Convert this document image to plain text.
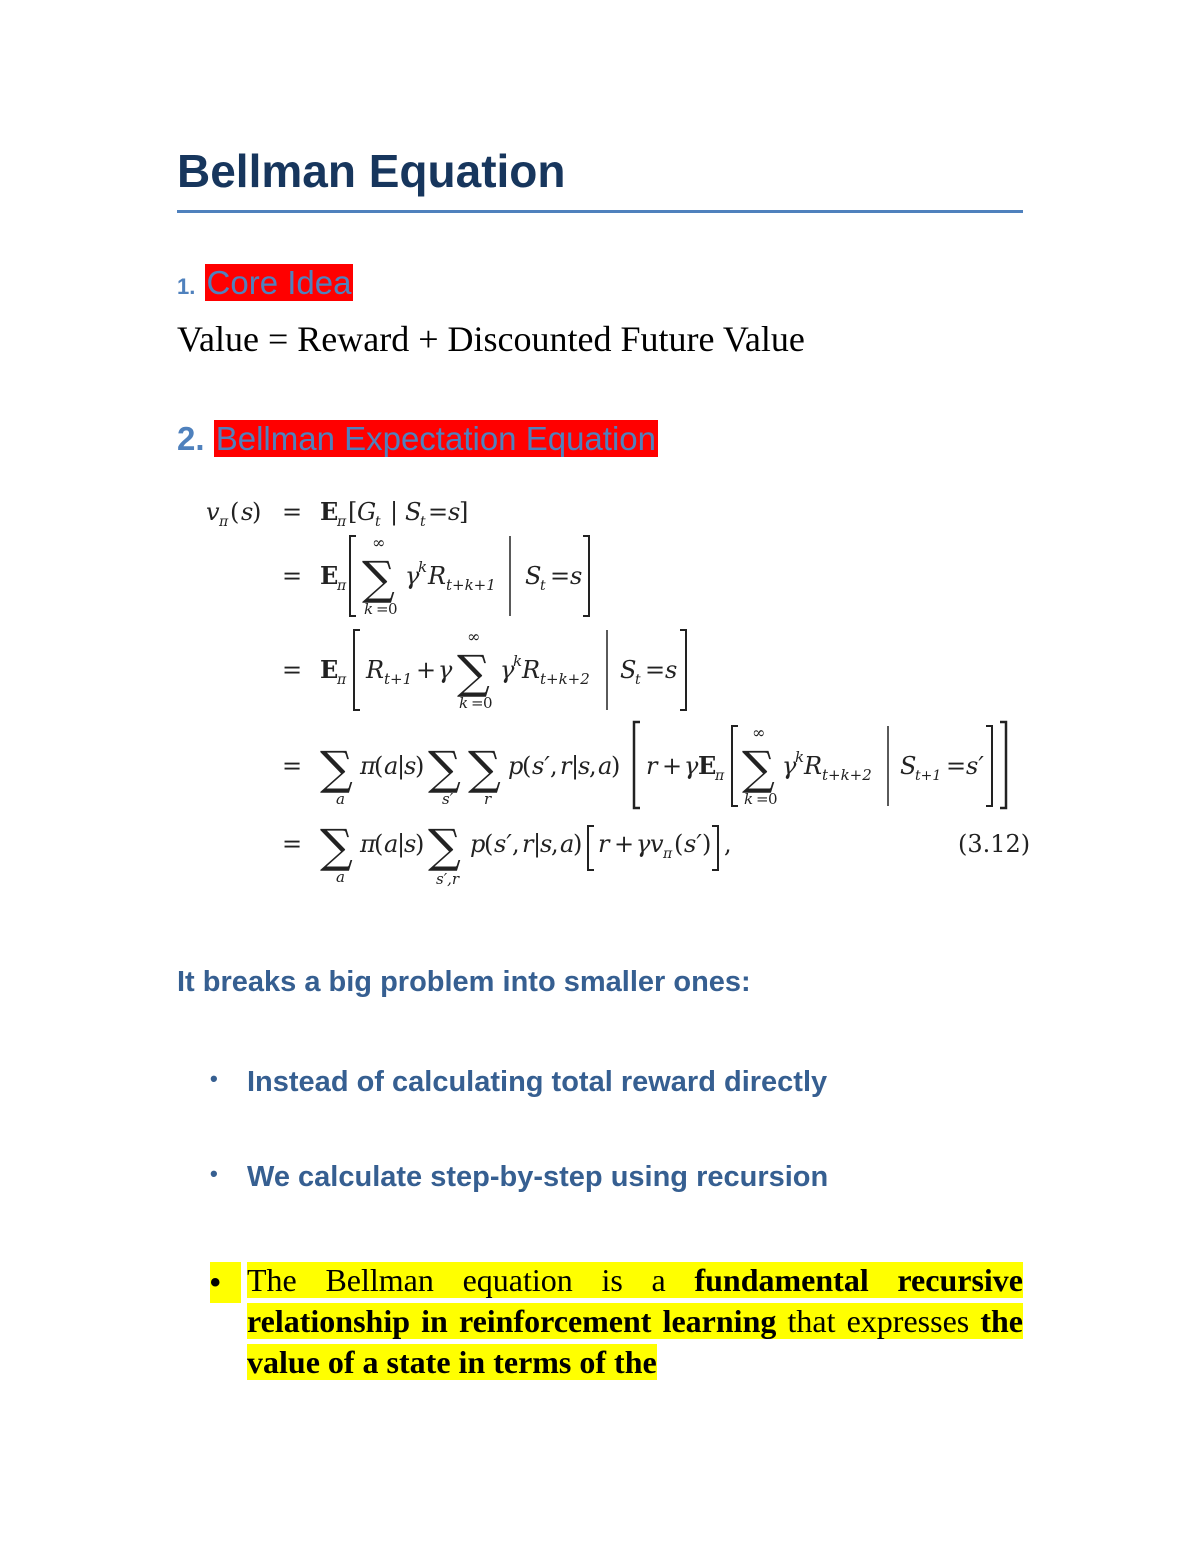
Bellman Equation
1. Core Idea
Value = Reward + Discounted Future Value
2. Bellman Expectation Equation
v π ( s
) = E
π [ G
t | S
t = s
]
= E
π
∞
∑
k = 0
γ
k R t+k+1 S
t = s
= E
π R t+1 + γ
∞
∑
k = 0
γ
k R t+k+2 S
t = s
= ∑
a
π
( a
|
s
) ∑
s′
∑
r
p
( s′ , r |
s
, a
) r + γ E
π
∞
∑
k = 0
γ
k R t+k+2 S
t+1 = s′
= ∑
a
π
( a
|
s
) ∑
s′,r
p
( s′ , r |
s
, a
) r + γ v π ( s′ ) ,	(3.12)
It breaks a big problem into smaller ones:
• Instead of calculating total reward directly
• We calculate step-by-step using recursion
• The Bellman equation is a fundamental recursive relationship in reinforcement learning that expresses the value of a state in terms of the
